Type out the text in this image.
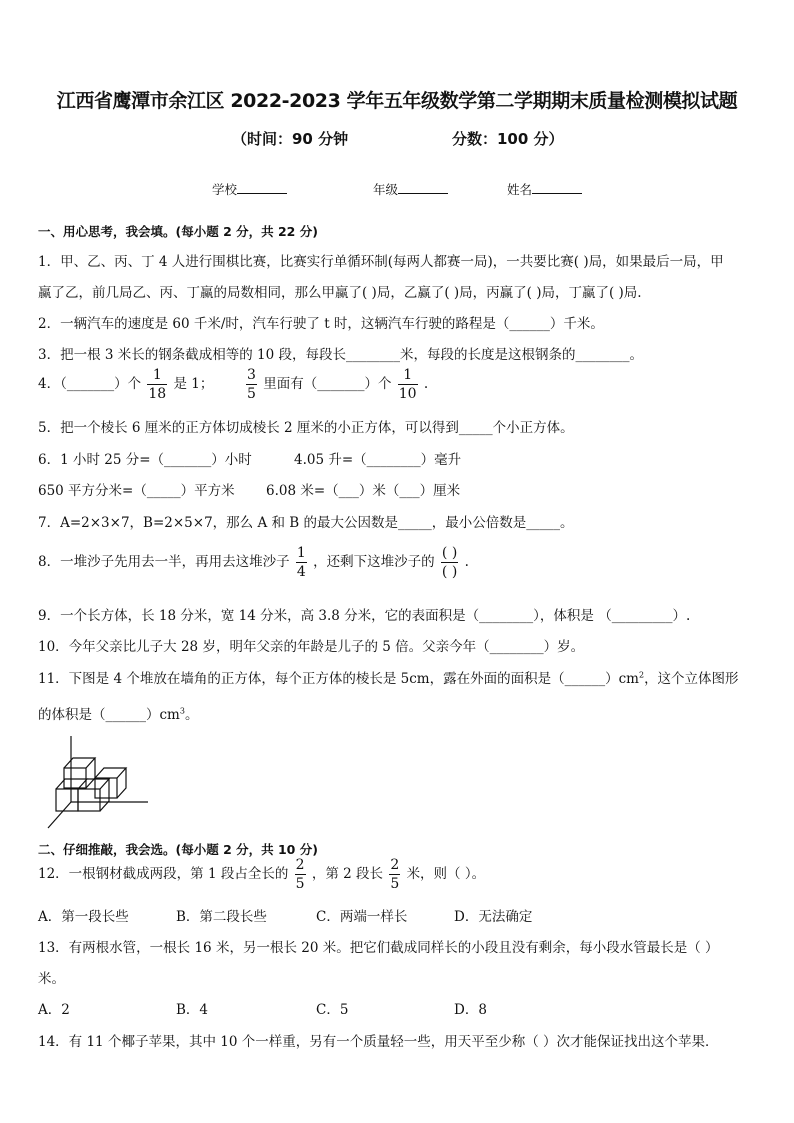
江西省鹰潭市余江区 2022-2023 学年五年级数学第二学期期末质量检测模拟试题
（时间：90 分钟	分数：100 分）
学校	年级	姓名
一、用心思考，我会填。(每小题 2 分，共 22 分)
1．甲、乙、丙、丁 4 人进行围棋比赛，比赛实行单循环制(每两人都赛一局)，一共要比赛( )局，如果最后一局，甲
赢了乙，前几局乙、丙、丁赢的局数相同，那么甲赢了( )局，乙赢了( )局，丙赢了( )局，丁赢了( )局.
2．一辆汽车的速度是 60 千米/时，汽车行驶了 t 时，这辆汽车行驶的路程是（______）千米。
3．把一根 3 米长的钢条截成相等的 10 段，每段长________米，每段的长度是这根钢条的________。
4．（_______）个 $\frac{1}{18}$ 是 1； $\frac{3}{5}$ 里面有（_______）个 $\frac{1}{10}$ .
5．把一个棱长 6 厘米的正方体切成棱长 2 厘米的小正方体，可以得到_____个小正方体。
6．1 小时 25 分=（_______）小时	4.05 升=（________）毫升
650 平方分米=（_____）平方米 6.08 米=（___）米（___）厘米
7．A=2×3×7，B=2×5×7，那么 A 和 B 的最大公因数是_____，最小公倍数是_____。
8．一堆沙子先用去一半，再用去这堆沙子 $\frac{1}{4}$ ，还剩下这堆沙子的 $\frac{( )}{( )}$ .
9．一个长方体，长 18 分米，宽 14 分米，高 3.8 分米，它的表面积是（________），体积是 （_________）.
10．今年父亲比儿子大 28 岁，明年父亲的年龄是儿子的 5 倍。父亲今年（________）岁。
11．下图是 4 个堆放在墙角的正方体，每个正方体的棱长是 5cm，露在外面的面积是$(\_\_\_\_\_\_)cm^2$，这个立体图形
的体积是$(\_\_\_\_\_\_)cm^3$。
二、仔细推敲，我会选。(每小题 2 分，共 10 分)
12．一根钢材截成两段，第 1 段占全长的 $\frac{2}{5}$ ，第 2 段长 $\frac{2}{5}$ 米，则（ ）。
A．第一段长些	B．第二段长些	C．两端一样长	D．无法确定
13．有两根水管，一根长 16 米，另一根长 20 米。把它们截成同样长的小段且没有剩余，每小段水管最长是（ ）
米。
A．2	B．4	C．5	D．8
14．有 11 个椰子苹果，其中 10 个一样重，另有一个质量轻一些，用天平至少称（ ）次才能保证找出这个苹果．
